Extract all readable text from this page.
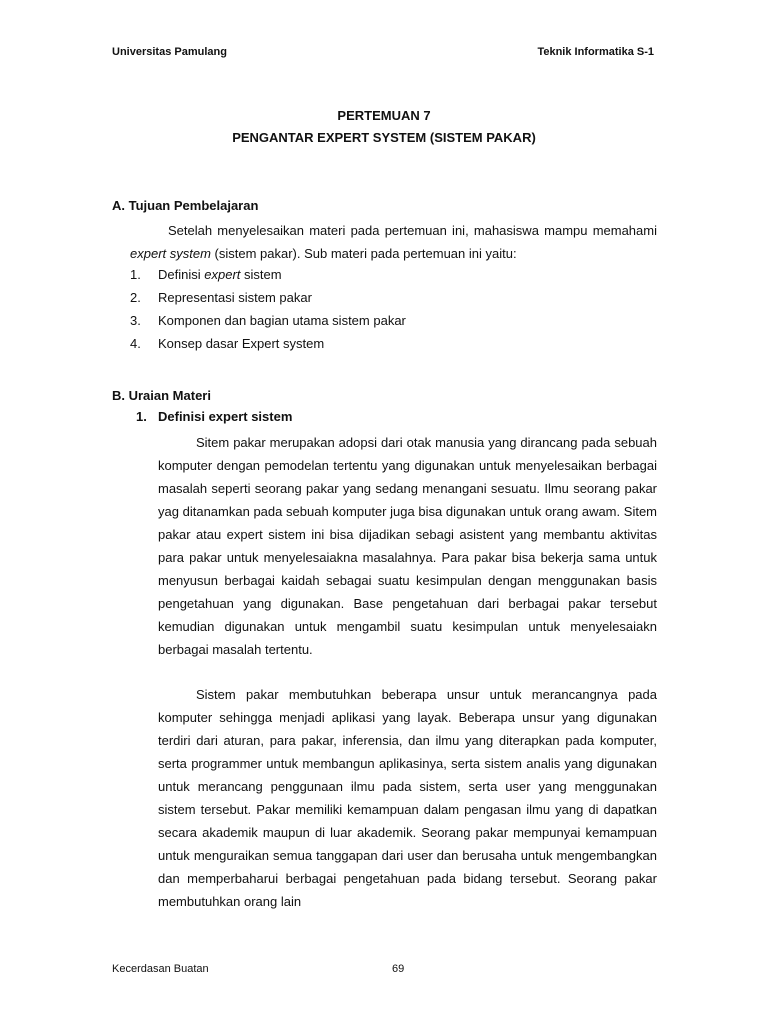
Universitas Pamulang	Teknik Informatika S-1
PERTEMUAN 7
PENGANTAR EXPERT SYSTEM (SISTEM PAKAR)
A. Tujuan Pembelajaran

Setelah menyelesaikan materi pada pertemuan ini, mahasiswa mampu memahami expert system (sistem pakar). Sub materi pada pertemuan ini yaitu:

1. Definisi expert sistem
2. Representasi sistem pakar
3. Komponen dan bagian utama sistem pakar
4. Konsep dasar Expert system
B. Uraian Materi
1. Definisi expert sistem

Sitem pakar merupakan adopsi dari otak manusia yang dirancang pada sebuah komputer dengan pemodelan tertentu yang digunakan untuk menyelesaikan berbagai masalah seperti seorang pakar yang sedang menangani sesuatu. Ilmu seorang pakar yag ditanamkan pada sebuah komputer juga bisa digunakan untuk orang awam. Sitem pakar atau expert sistem ini bisa dijadikan sebagi asistent yang membantu aktivitas para pakar untuk menyelesaiakna masalahnya. Para pakar bisa bekerja sama untuk menyusun berbagai kaidah sebagai suatu kesimpulan dengan menggunakan basis pengetahuan yang digunakan. Base pengetahuan dari berbagai pakar tersebut kemudian digunakan untuk mengambil suatu kesimpulan untuk menyelesaiakn berbagai masalah tertentu.

Sistem pakar membutuhkan beberapa unsur untuk merancangnya pada komputer sehingga menjadi aplikasi yang layak. Beberapa unsur yang digunakan terdiri dari aturan, para pakar, inferensia, dan ilmu yang diterapkan pada komputer, serta programmer untuk membangun aplikasinya, serta sistem analis yang digunakan untuk merancang penggunaan ilmu pada sistem, serta user yang menggunakan sistem tersebut. Pakar memiliki kemampuan dalam pengasan ilmu yang di dapatkan secara akademik maupun di luar akademik. Seorang pakar mempunyai kemampuan untuk menguraikan semua tanggapan dari user dan berusaha untuk mengembangkan dan memperbaharui berbagai pengetahuan pada bidang tersebut. Seorang pakar membutuhkan orang lain

Kecerdasan Buatan	69
